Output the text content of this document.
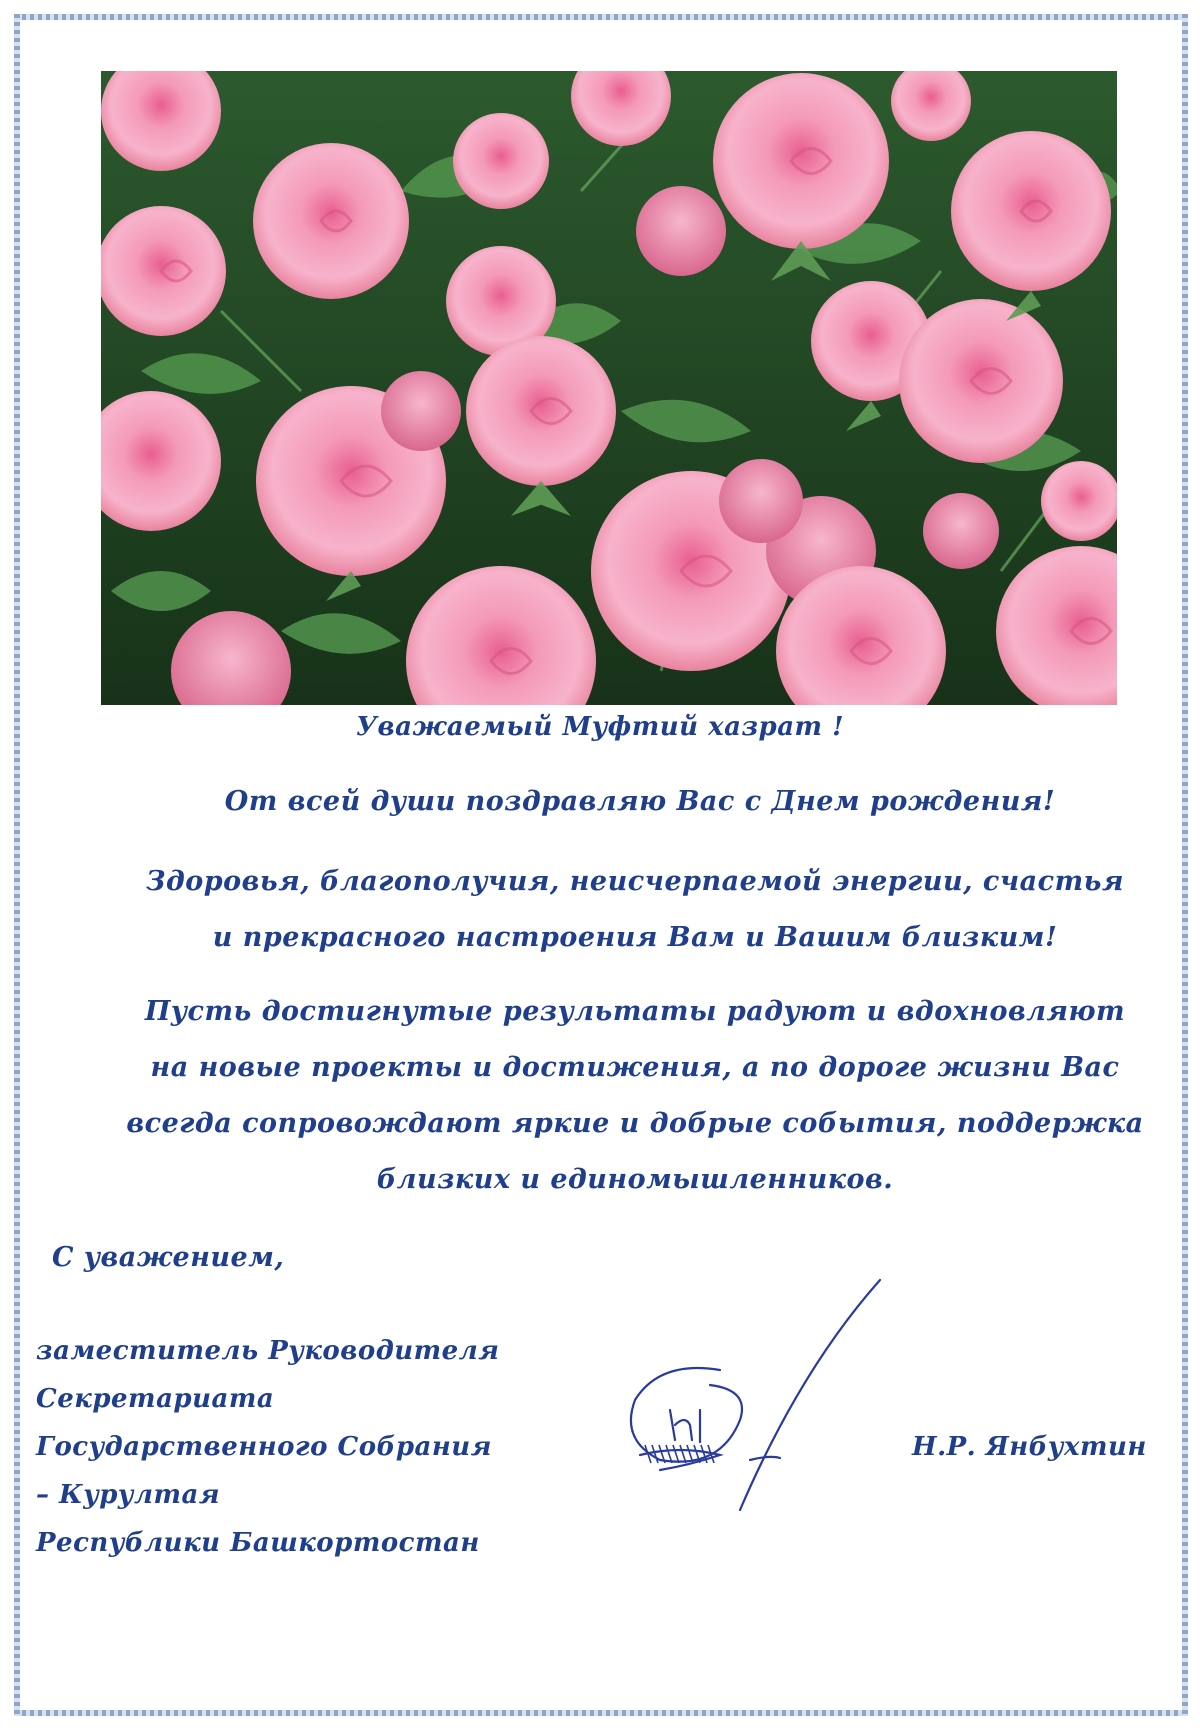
Уважаемый Муфтий хазрат !
От всей души поздравляю Вас с Днем рождения!
Здоровья, благополучия, неисчерпаемой энергии, счастья
и прекрасного настроения Вам и Вашим близким!
Пусть достигнутые результаты радуют и вдохновляют
на новые проекты и достижения, а по дороге жизни Вас
всегда сопровождают яркие и добрые события, поддержка
близких и единомышленников.
С уважением,
заместитель Руководителя
Секретариата
Государственного Собрания
– Курултая
Республики Башкортостан
Н.Р. Янбухтин
